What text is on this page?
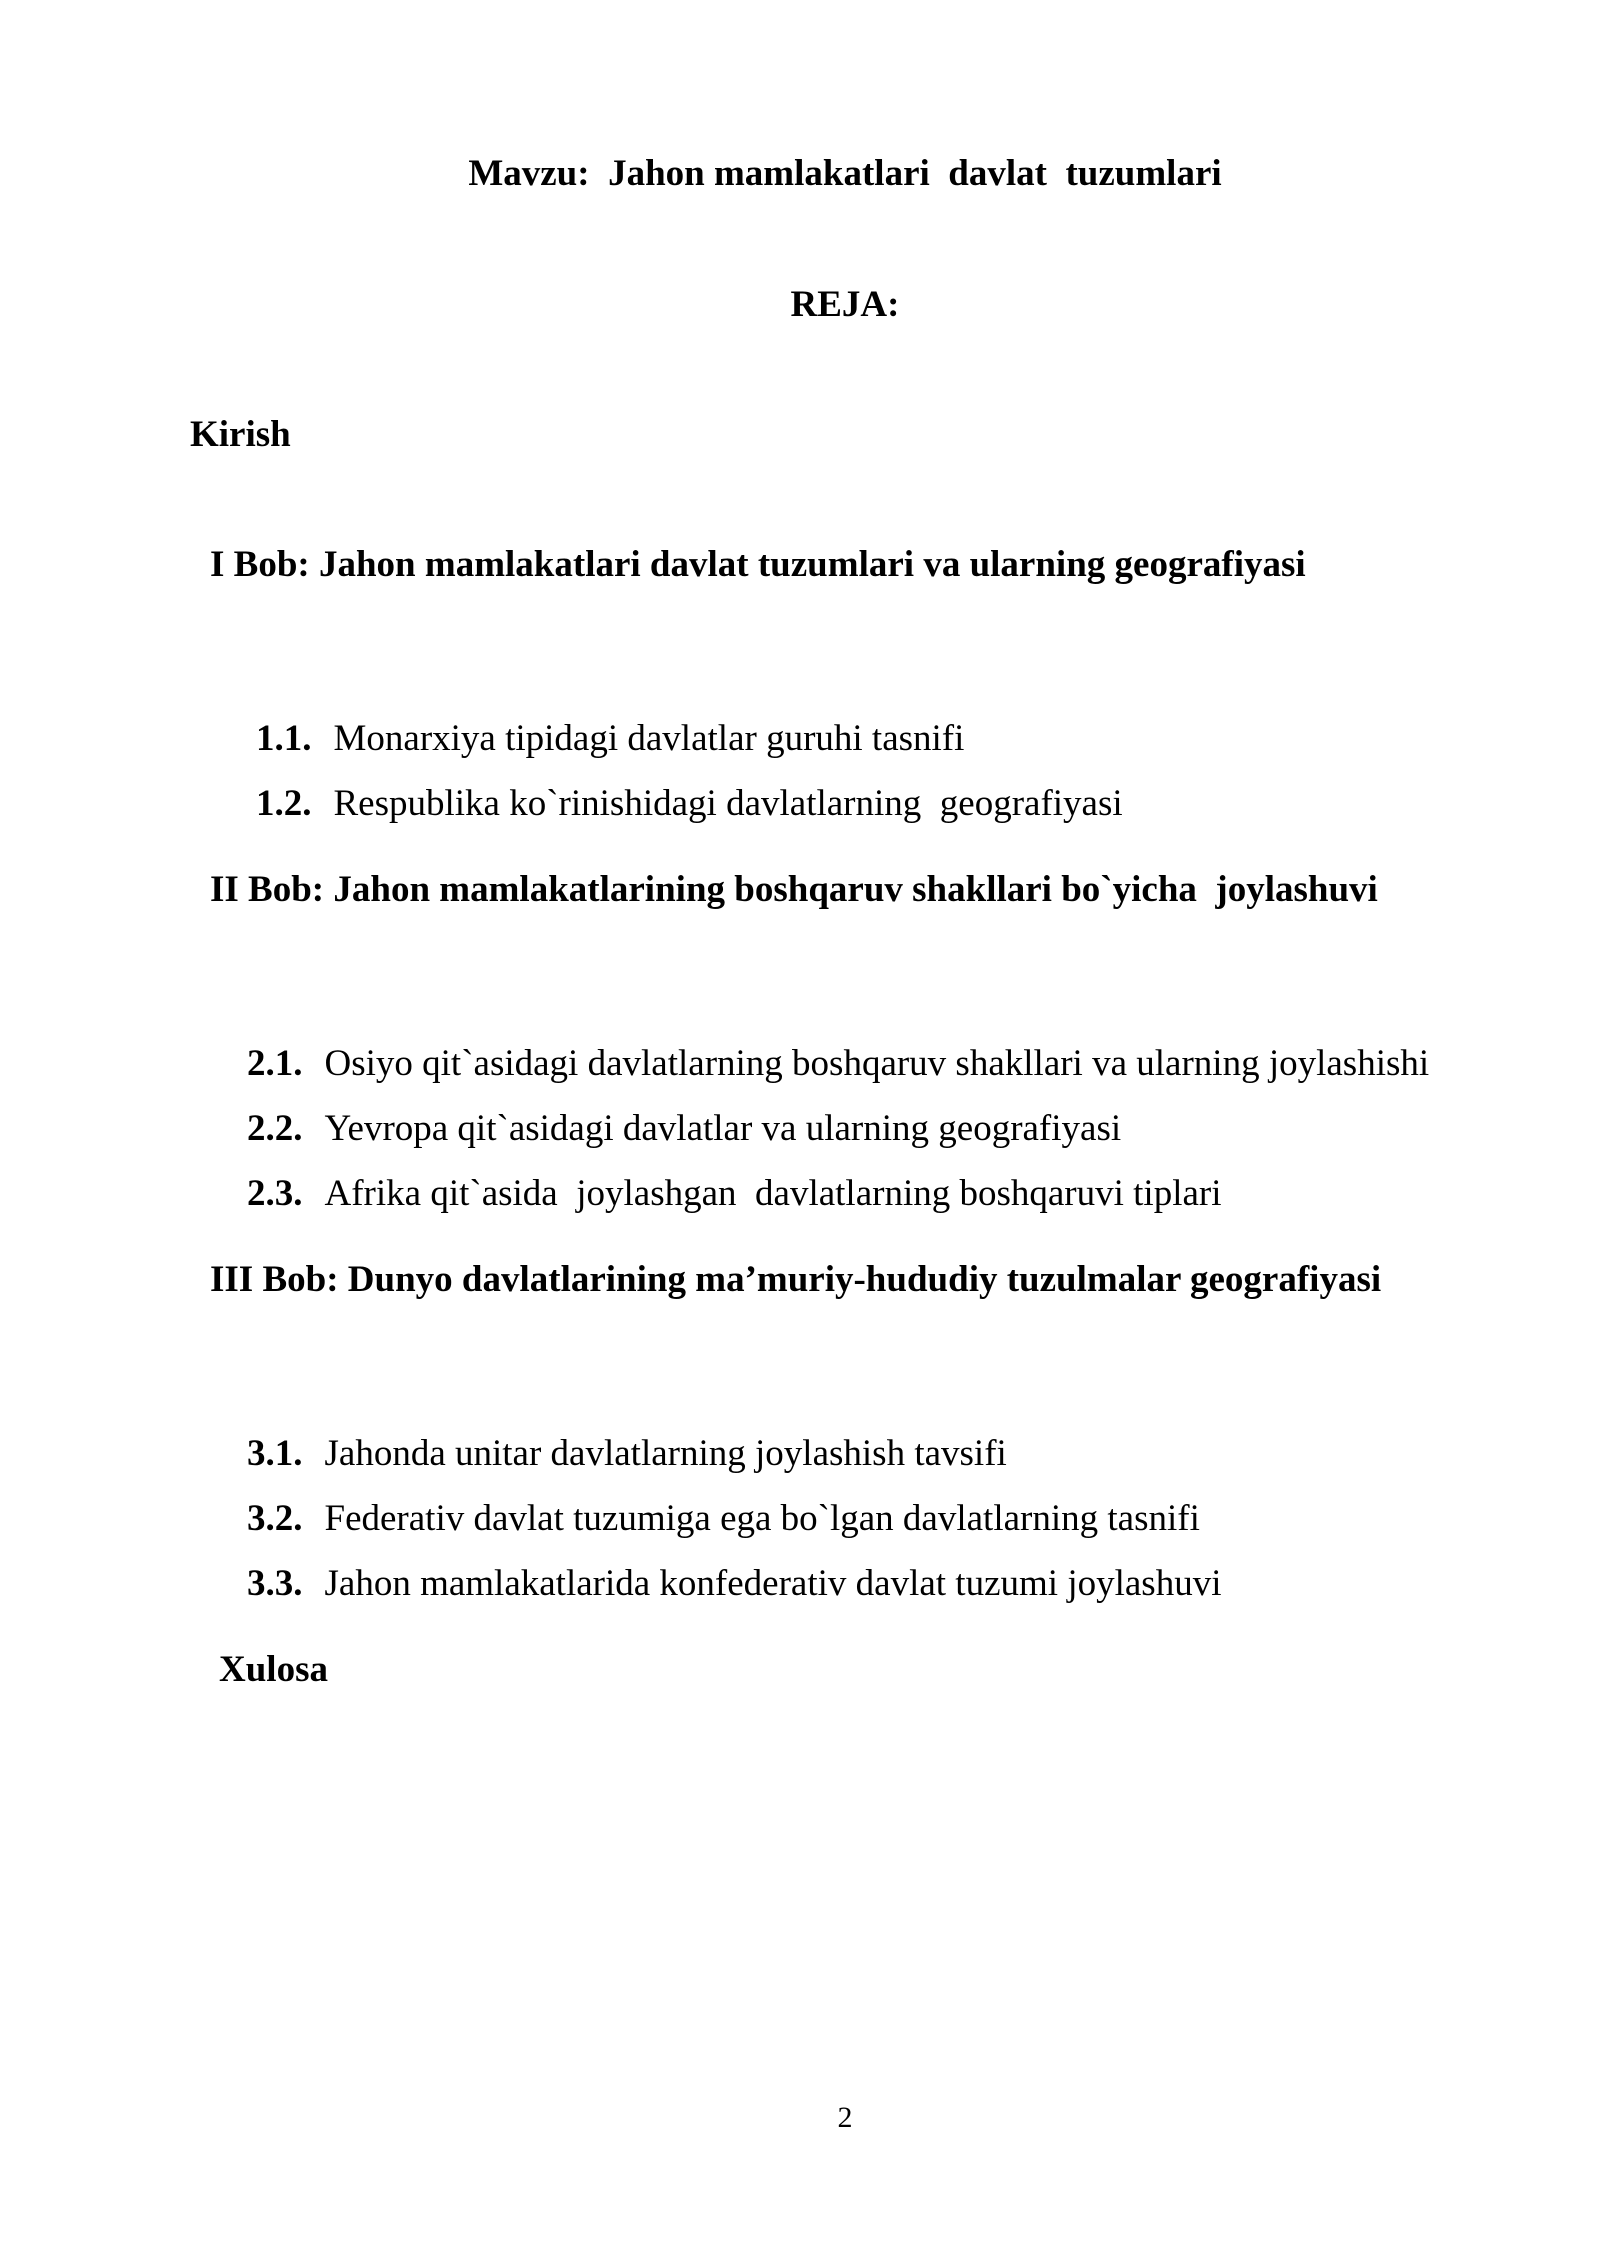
Mavzu:  Jahon mamlakatlari  davlat  tuzumlari
REJA:
Kirish
I Bob: Jahon mamlakatlari davlat tuzumlari va ularning geografiyasi

1.1. Monarxiya tipidagi davlatlar guruhi tasnifi

1.2. Respublika ko`rinishidagi davlatlarning  geografiyasi

II Bob: Jahon mamlakatlarining boshqaruv shakllari bo`yicha  joylashuvi

2.1. Osiyo qit`asidagi davlatlarning boshqaruv shakllari va ularning joylashishi

2.2. Yevropa qit`asidagi davlatlar va ularning geografiyasi

2.3. Afrika qit`asida  joylashgan  davlatlarning boshqaruvi tiplari

III Bob: Dunyo davlatlarining ma’muriy-hududiy tuzulmalar geografiyasi

3.1. Jahonda unitar davlatlarning joylashish tavsifi

3.2. Federativ davlat tuzumiga ega bo`lgan davlatlarning tasnifi

3.3. Jahon mamlakatlarida konfederativ davlat tuzumi joylashuvi

Xulosa
2
